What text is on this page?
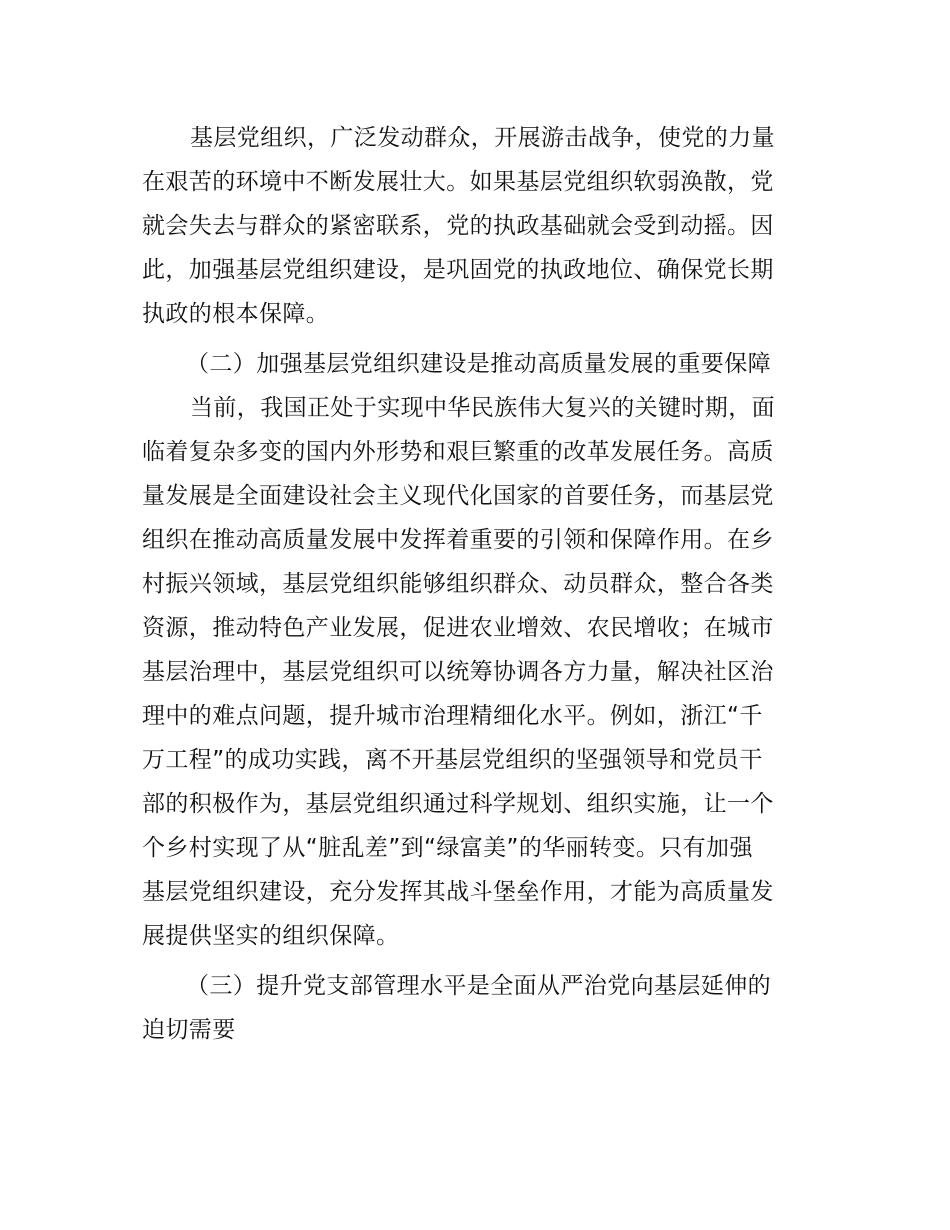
基层党组织，广泛发动群众，开展游击战争，使党的力量
在艰苦的环境中不断发展壮大。如果基层党组织软弱涣散，党
就会失去与群众的紧密联系，党的执政基础就会受到动摇。因
此，加强基层党组织建设，是巩固党的执政地位、确保党长期
执政的根本保障。
（二）加强基层党组织建设是推动高质量发展的重要保障
当前，我国正处于实现中华民族伟大复兴的关键时期，面
临着复杂多变的国内外形势和艰巨繁重的改革发展任务。高质
量发展是全面建设社会主义现代化国家的首要任务，而基层党
组织在推动高质量发展中发挥着重要的引领和保障作用。在乡
村振兴领域，基层党组织能够组织群众、动员群众，整合各类
资源，推动特色产业发展，促进农业增效、农民增收；在城市
基层治理中，基层党组织可以统筹协调各方力量，解决社区治
理中的难点问题，提升城市治理精细化水平。例如，浙江“千
万工程”的成功实践，离不开基层党组织的坚强领导和党员干
部的积极作为，基层党组织通过科学规划、组织实施，让一个
个乡村实现了从“脏乱差”到“绿富美”的华丽转变。只有加强
基层党组织建设，充分发挥其战斗堡垒作用，才能为高质量发
展提供坚实的组织保障。
（三）提升党支部管理水平是全面从严治党向基层延伸的
迫切需要
